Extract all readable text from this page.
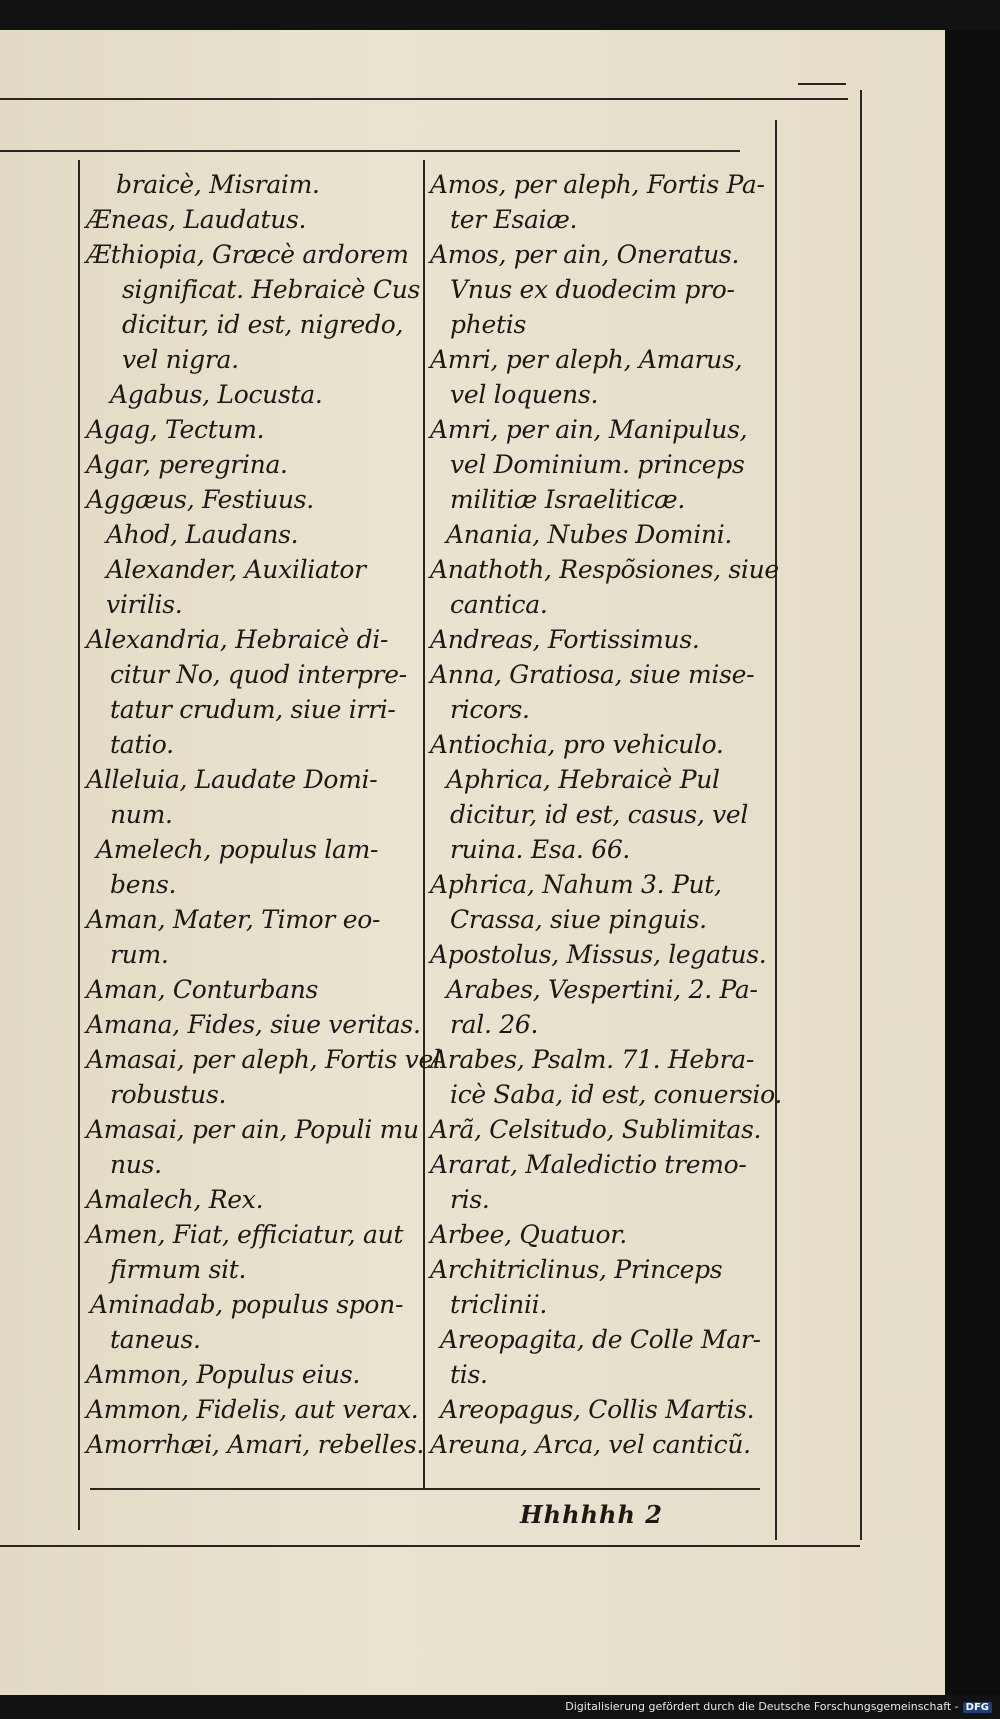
braicè, Misraim.
Æneas, Laudatus.
Æthiopia, Græcè ardorem
significat. Hebraicè Cus
dicitur, id est, nigredo,
vel nigra.
Agabus, Locusta.
Agag, Tectum.
Agar, peregrina.
Aggæus, Festiuus.
Ahod, Laudans.
Alexander, Auxiliator
virilis.
Alexandria, Hebraicè di-
citur No, quod interpre-
tatur crudum, siue irri-
tatio.
Alleluia, Laudate Domi-
num.
Amelech, populus lam-
bens.
Aman, Mater, Timor eo-
rum.
Aman, Conturbans
Amana, Fides, siue veritas.
Amasai, per aleph, Fortis vel
robustus.
Amasai, per ain, Populi mu
nus.
Amalech, Rex.
Amen, Fiat, efficiatur, aut
firmum sit.
Aminadab, populus spon-
taneus.
Ammon, Populus eius.
Ammon, Fidelis, aut verax.
Amorrhæi, Amari, rebelles.
Amos, per aleph, Fortis Pa-
ter Esaiæ.
Amos, per ain, Oneratus.
Vnus ex duodecim pro-
phetis
Amri, per aleph, Amarus,
vel loquens.
Amri, per ain, Manipulus,
vel Dominium. princeps
militiæ Israeliticæ.
Anania, Nubes Domini.
Anathoth, Respõsiones, siue
cantica.
Andreas, Fortissimus.
Anna, Gratiosa, siue mise-
ricors.
Antiochia, pro vehiculo.
Aphrica, Hebraicè Pul
dicitur, id est, casus, vel
ruina. Esa. 66.
Aphrica, Nahum 3. Put,
Crassa, siue pinguis.
Apostolus, Missus, legatus.
Arabes, Vespertini, 2. Pa-
ral. 26.
Arabes, Psalm. 71. Hebra-
icè Saba, id est, conuersio.
Arã, Celsitudo, Sublimitas.
Ararat, Maledictio tremo-
ris.
Arbee, Quatuor.
Architriclinus, Princeps
triclinii.
Areopagita, de Colle Mar-
tis.
Areopagus, Collis Martis.
Areuna, Arca, vel canticũ.
Hhhhhh 2
Digitalisierung gefördert durch die Deutsche Forschungsgemeinschaft - DFG
